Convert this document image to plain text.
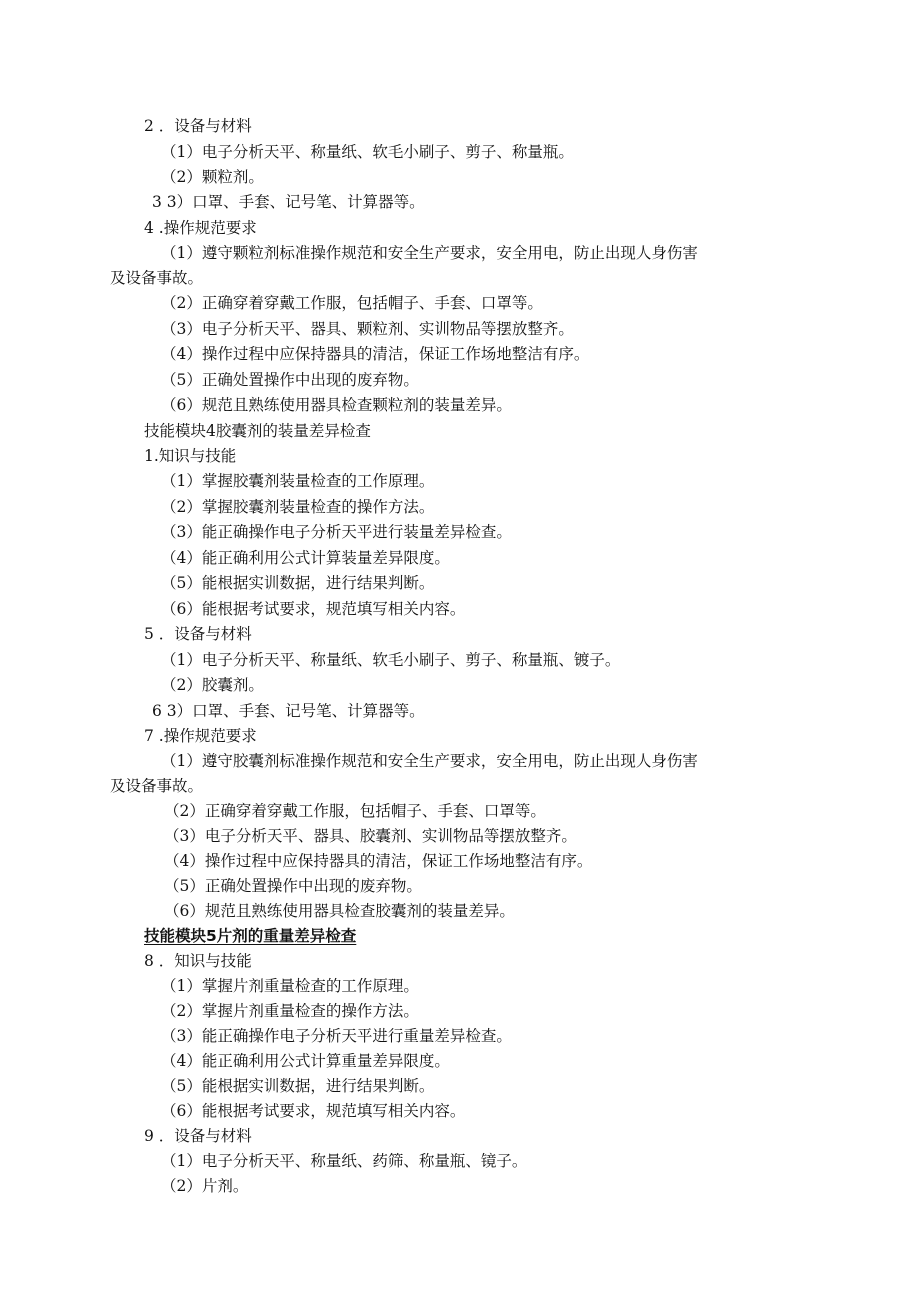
2 ．设备与材料
（1）电子分析天平、称量纸、软毛小刷子、剪子、称量瓶。
（2）颗粒剂。
3 3）口罩、手套、记号笔、计算器等。
4 .操作规范要求
（1）遵守颗粒剂标准操作规范和安全生产要求，安全用电，防止出现人身伤害
及设备事故。
（2）正确穿着穿戴工作服，包括帽子、手套、口罩等。
（3）电子分析天平、器具、颗粒剂、实训物品等摆放整齐。
（4）操作过程中应保持器具的清洁，保证工作场地整洁有序。
（5）正确处置操作中出现的废弃物。
（6）规范且熟练使用器具检查颗粒剂的装量差异。
技能模块4胶囊剂的装量差异检查
1.知识与技能
（1）掌握胶囊剂装量检查的工作原理。
（2）掌握胶囊剂装量检查的操作方法。
（3）能正确操作电子分析天平进行装量差异检查。
（4）能正确利用公式计算装量差异限度。
（5）能根据实训数据，进行结果判断。
（6）能根据考试要求，规范填写相关内容。
5 ．设备与材料
（1）电子分析天平、称量纸、软毛小刷子、剪子、称量瓶、镀子。
（2）胶囊剂。
6 3）口罩、手套、记号笔、计算器等。
7 .操作规范要求
（1）遵守胶囊剂标准操作规范和安全生产要求，安全用电，防止出现人身伤害
及设备事故。
（2）正确穿着穿戴工作服，包括帽子、手套、口罩等。
（3）电子分析天平、器具、胶囊剂、实训物品等摆放整齐。
（4）操作过程中应保持器具的清洁，保证工作场地整洁有序。
（5）正确处置操作中出现的废弃物。
（6）规范且熟练使用器具检查胶囊剂的装量差异。
技能模块5片剂的重量差异检查
8 ．知识与技能
（1）掌握片剂重量检查的工作原理。
（2）掌握片剂重量检查的操作方法。
（3）能正确操作电子分析天平进行重量差异检查。
（4）能正确利用公式计算重量差异限度。
（5）能根据实训数据，进行结果判断。
（6）能根据考试要求，规范填写相关内容。
9 ．设备与材料
（1）电子分析天平、称量纸、药筛、称量瓶、镜子。
（2）片剂。
